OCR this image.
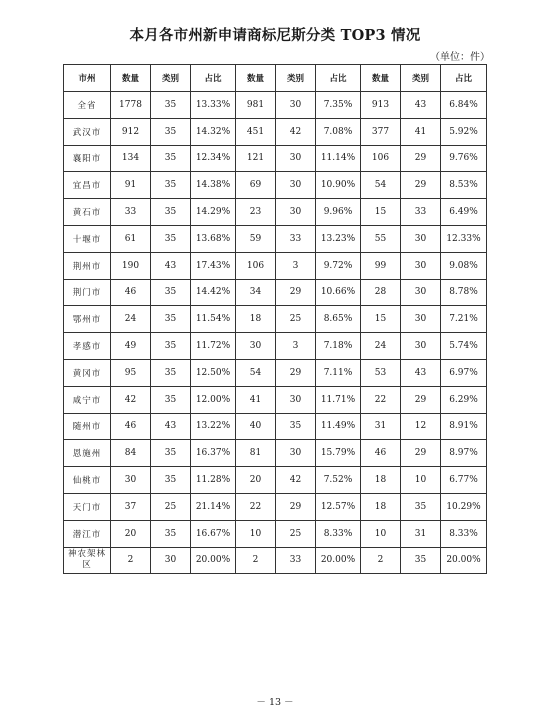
本月各市州新申请商标尼斯分类 TOP3 情况
（单位：件）
市州	数量	类别	占比	数量	类别	占比	数量	类别	占比
全省	1778	35	13.33%	981	30	7.35%	913	43	6.84%
武汉市	912	35	14.32%	451	42	7.08%	377	41	5.92%
襄阳市	134	35	12.34%	121	30	11.14%	106	29	9.76%
宜昌市	91	35	14.38%	69	30	10.90%	54	29	8.53%
黄石市	33	35	14.29%	23	30	9.96%	15	33	6.49%
十堰市	61	35	13.68%	59	33	13.23%	55	30	12.33%
荆州市	190	43	17.43%	106	3	9.72%	99	30	9.08%
荆门市	46	35	14.42%	34	29	10.66%	28	30	8.78%
鄂州市	24	35	11.54%	18	25	8.65%	15	30	7.21%
孝感市	49	35	11.72%	30	3	7.18%	24	30	5.74%
黄冈市	95	35	12.50%	54	29	7.11%	53	43	6.97%
咸宁市	42	35	12.00%	41	30	11.71%	22	29	6.29%
随州市	46	43	13.22%	40	35	11.49%	31	12	8.91%
恩施州	84	35	16.37%	81	30	15.79%	46	29	8.97%
仙桃市	30	35	11.28%	20	42	7.52%	18	10	6.77%
天门市	37	25	21.14%	22	29	12.57%	18	35	10.29%
潜江市	20	35	16.67%	10	25	8.33%	10	31	8.33%
神农架林区	2	30	20.00%	2	33	20.00%	2	35	20.00%
－ 13 －
